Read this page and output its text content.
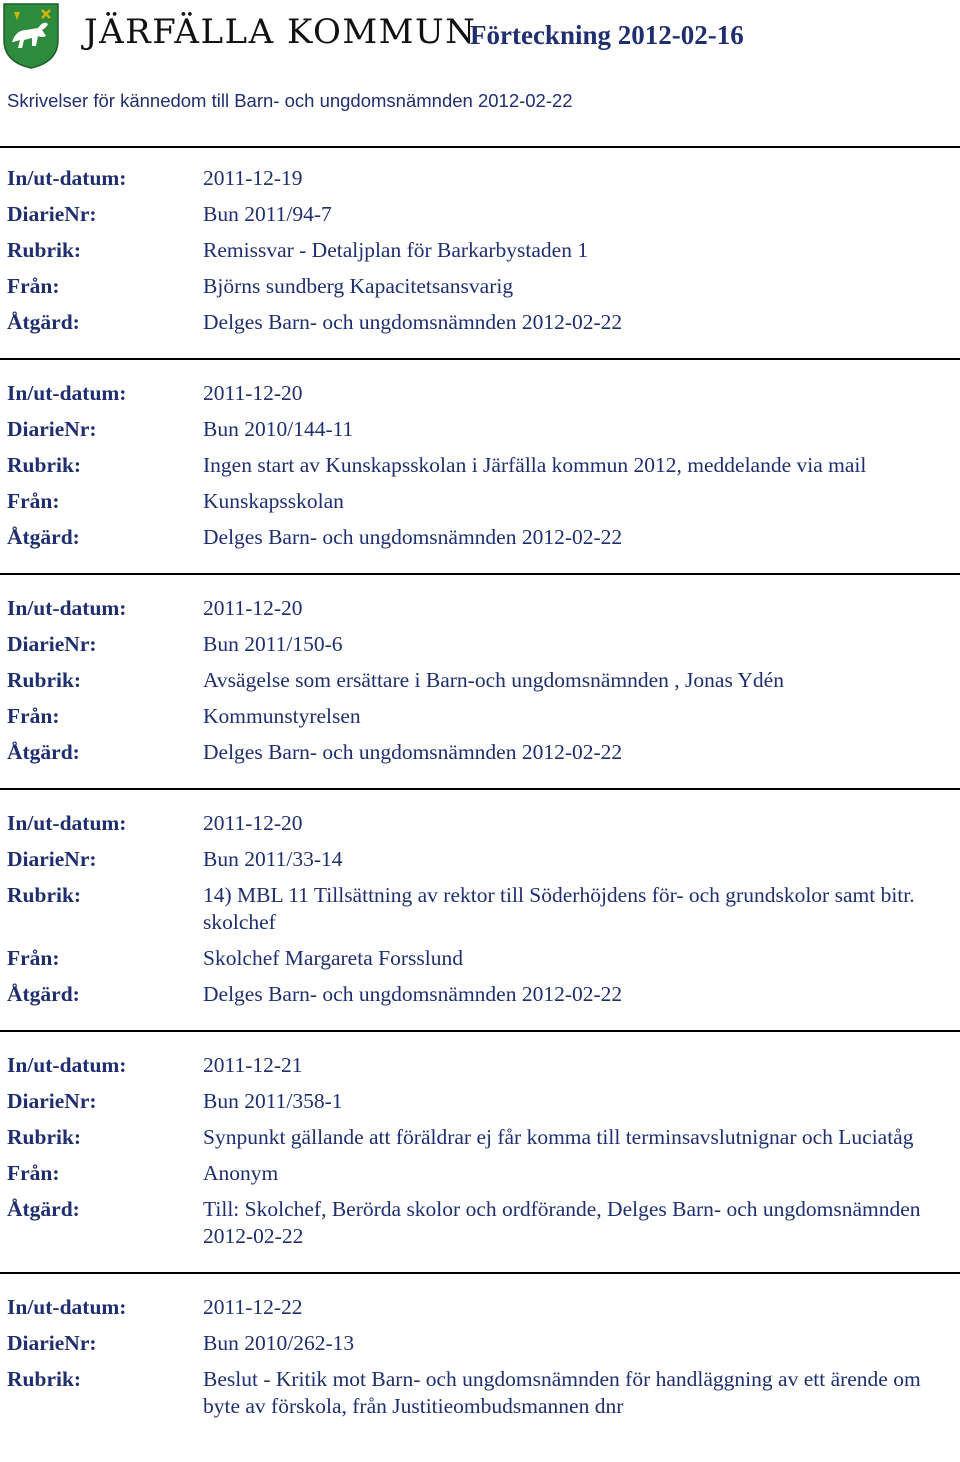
JÄRFÄLLA KOMMUN
Förteckning 2012-02-16
Skrivelser för kännedom till Barn- och ungdomsnämnden 2012-02-22
In/ut-datum:	2011-12-19
DiarieNr:	Bun 2011/94-7
Rubrik:	Remissvar - Detaljplan för Barkarbystaden 1
Från:	Björns sundberg Kapacitetsansvarig
Åtgärd:	Delges Barn- och ungdomsnämnden 2012-02-22
In/ut-datum:	2011-12-20
DiarieNr:	Bun 2010/144-11
Rubrik:	Ingen start av Kunskapsskolan i Järfälla kommun 2012, meddelande via mail
Från:	Kunskapsskolan
Åtgärd:	Delges Barn- och ungdomsnämnden 2012-02-22
In/ut-datum:	2011-12-20
DiarieNr:	Bun 2011/150-6
Rubrik:	Avsägelse som ersättare i Barn-och ungdomsnämnden , Jonas Ydén
Från:	Kommunstyrelsen
Åtgärd:	Delges Barn- och ungdomsnämnden 2012-02-22
In/ut-datum:	2011-12-20
DiarieNr:	Bun 2011/33-14
Rubrik:	14) MBL 11 Tillsättning av rektor till Söderhöjdens för- och grundskolor samt bitr. skolchef
Från:	Skolchef Margareta Forsslund
Åtgärd:	Delges Barn- och ungdomsnämnden 2012-02-22
In/ut-datum:	2011-12-21
DiarieNr:	Bun 2011/358-1
Rubrik:	Synpunkt gällande att föräldrar ej får komma till terminsavslutnignar och Luciatåg
Från:	Anonym
Åtgärd:	Till: Skolchef, Berörda skolor och ordförande, Delges Barn- och ungdomsnämnden 2012-02-22
In/ut-datum:	2011-12-22
DiarieNr:	Bun 2010/262-13
Rubrik:	Beslut - Kritik mot Barn- och ungdomsnämnden för handläggning av ett ärende om byte av förskola, från Justitieombudsmannen dnr
